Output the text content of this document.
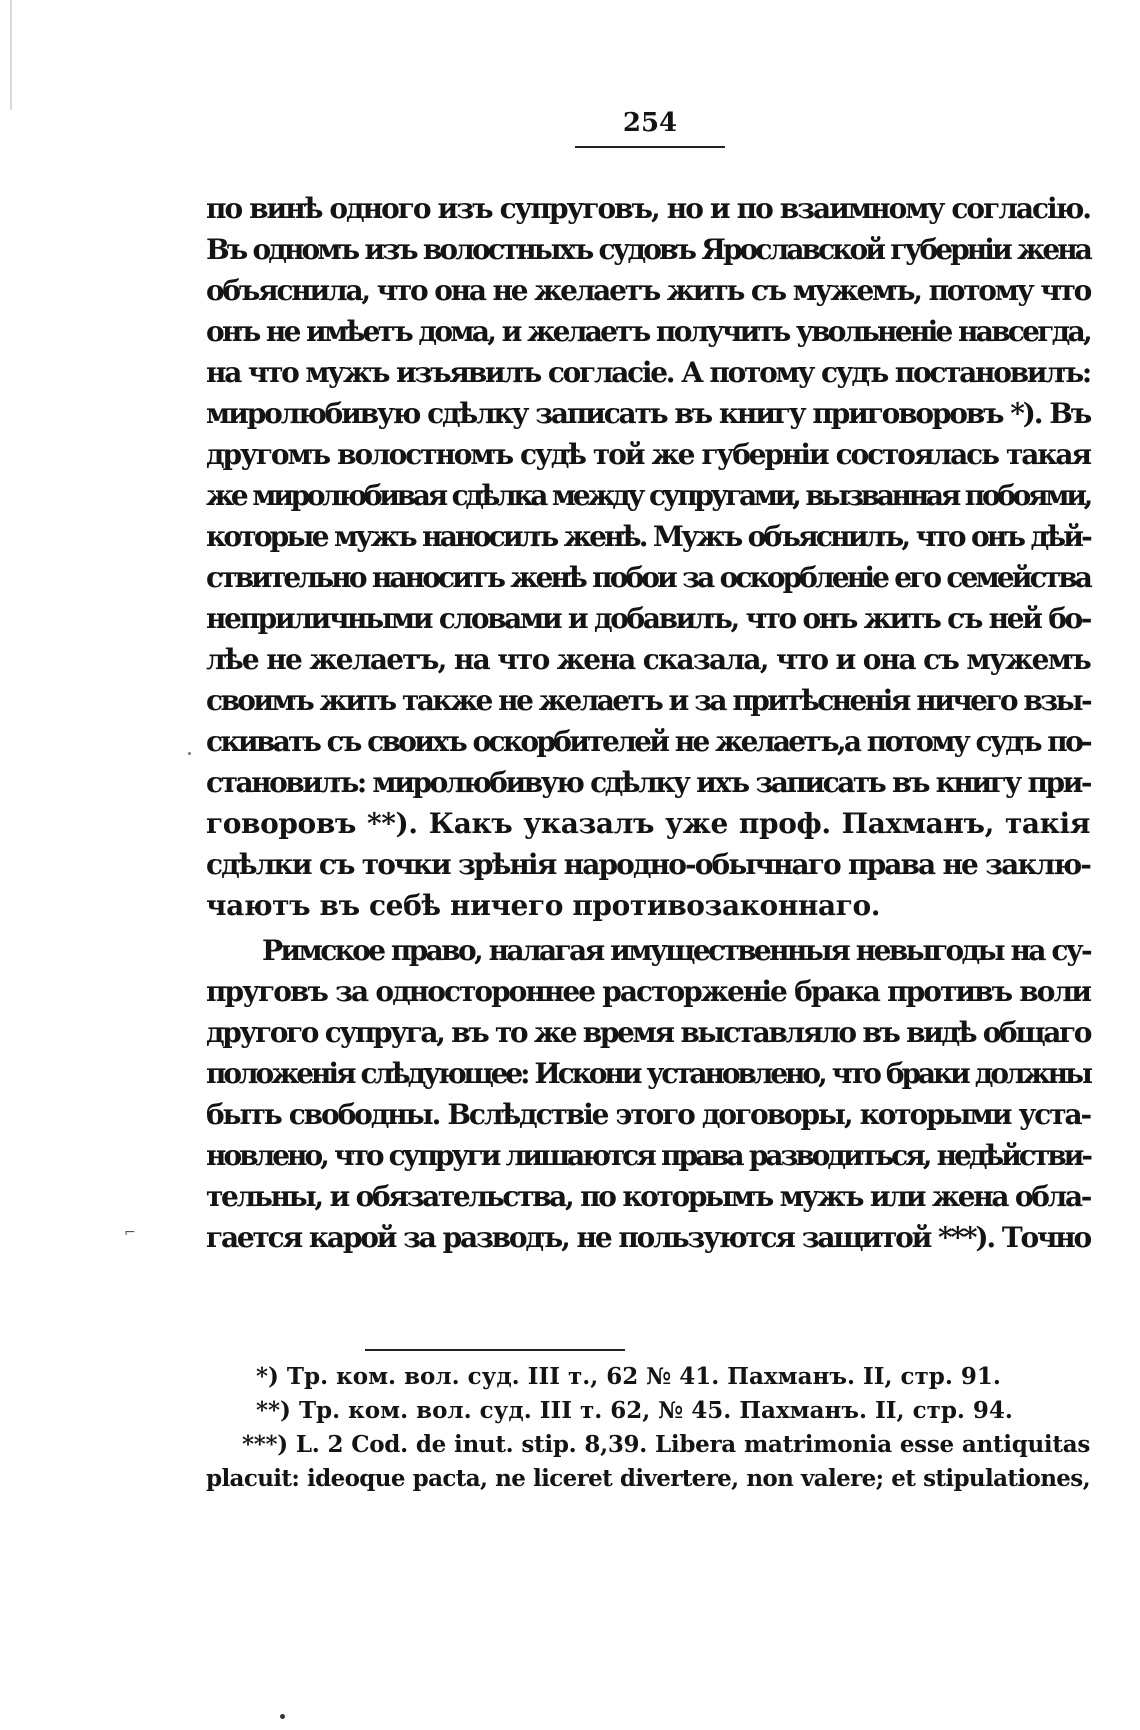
254
по винѣ одного изъ супруговъ, но и по взаимному согласію.
Въ одномъ изъ волостныхъ судовъ Ярославской губерніи жена
объяснила, что она не желаетъ жить съ мужемъ, потому что
онъ не имѣетъ дома, и желаетъ получить увольненіе навсегда,
на что мужъ изъявилъ согласіе. А потому судъ постановилъ:
миролюбивую сдѣлку записать въ книгу приговоровъ *). Въ
другомъ волостномъ судѣ той же губерніи состоялась такая
же миролюбивая сдѣлка между супругами, вызванная побоями,
которые мужъ наносилъ женѣ. Мужъ объяснилъ, что онъ дѣй-
ствительно наноситъ женѣ побои за оскорбленіе его семейства
неприличными словами и добавилъ, что онъ жить съ ней бо-
лѣе не желаетъ, на что жена сказала, что и она съ мужемъ
своимъ жить также не желаетъ и за притѣсненія ничего взы-
скивать съ своихъ оскорбителей не желаетъ,а потому судъ по-
становилъ: миролюбивую сдѣлку ихъ записать въ книгу при-
говоровъ **). Какъ указалъ уже проф. Пахманъ, такія
сдѣлки съ точки зрѣнія народно-обычнаго права не заклю-
чаютъ въ себѣ ничего противозаконнаго.
Римское право, налагая имущественныя невыгоды на су-
пруговъ за одностороннее расторженіе брака противъ воли
другого супруга, въ то же время выставляло въ видѣ общаго
положенія слѣдующее: Искони установлено, что браки должны
быть свободны. Вслѣдствіе этого договоры, которыми уста-
новлено, что супруги лишаются права разводиться, недѣйстви-
тельны, и обязательства, по которымъ мужъ или жена обла-
гается карой за разводъ, не пользуются защитой ***). Точно
⌐
*) Тр. ком. вол. суд. III т., 62 № 41. Пахманъ. II, стр. 91.
**) Тр. ком. вол. суд. III т. 62, № 45. Пахманъ. II, стр. 94.
***) L. 2 Cod. de inut. stip. 8,39. Libera matrimonia esse antiquitas
placuit: ideoque pacta, ne liceret divertere, non valere; et stipulationes,
